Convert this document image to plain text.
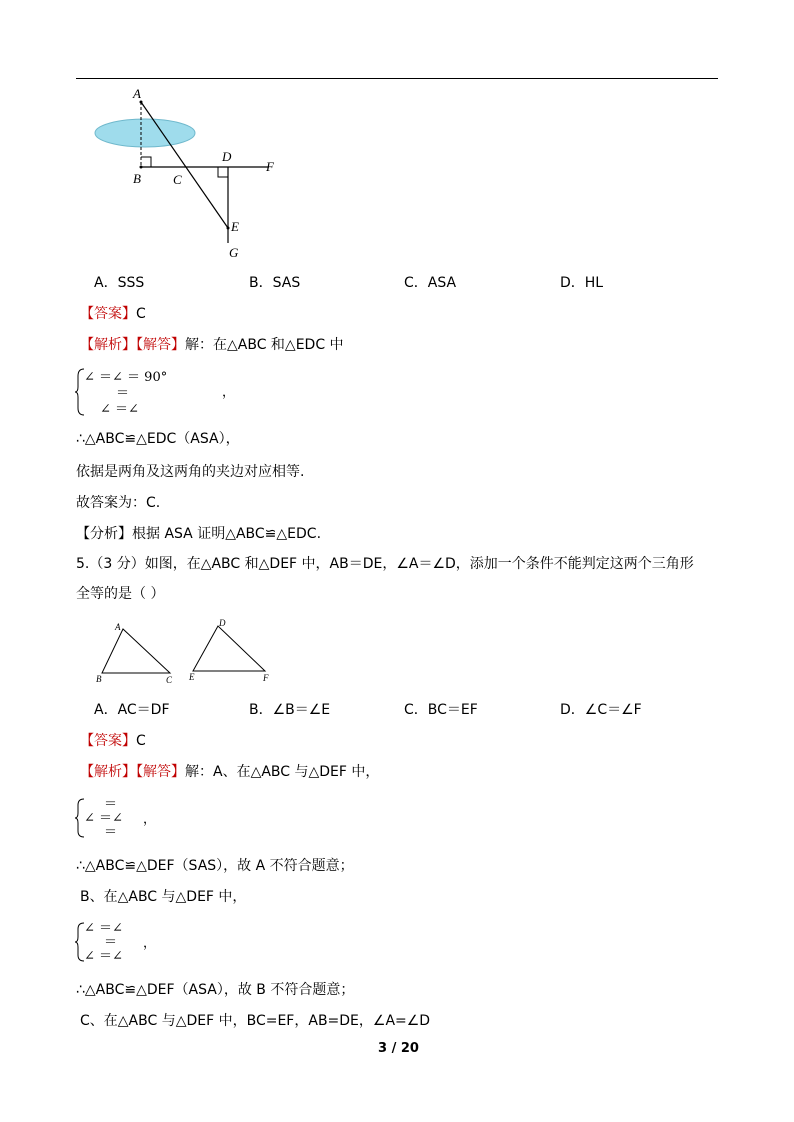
A
B C
D
F
E
G
A．SSS	B．SAS	C．ASA	D．HL
【答案】C
【解析】【解答】解：在△ABC 和△EDC 中
∠ ＝∠ ＝ 90°
＝
∠ ＝∠
，
∴△ABC≌△EDC（ASA），
依据是两角及这两角的夹边对应相等.
故答案为：C.
【分析】根据 ASA 证明△ABC≌△EDC.
5.（3 分）如图，在△ABC 和△DEF 中，AB＝DE，∠A＝∠D，添加一个条件不能判定这两个三角形
全等的是（ ）
A
B	C
D
E	F
A．AC＝DF	B．∠B＝∠E	C．BC＝EF	D．∠C＝∠F
【答案】C
【解析】【解答】解：A、在△ABC 与△DEF 中，
＝
∠ ＝∠
＝
，
∴△ABC≌△DEF（SAS），故 A 不符合题意；
B、在△ABC 与△DEF 中，
∠ ＝∠
＝
∠ ＝∠
，
∴△ABC≌△DEF（ASA），故 B 不符合题意；
C、在△ABC 与△DEF 中，BC=EF，AB=DE，∠A=∠D
3 / 20
